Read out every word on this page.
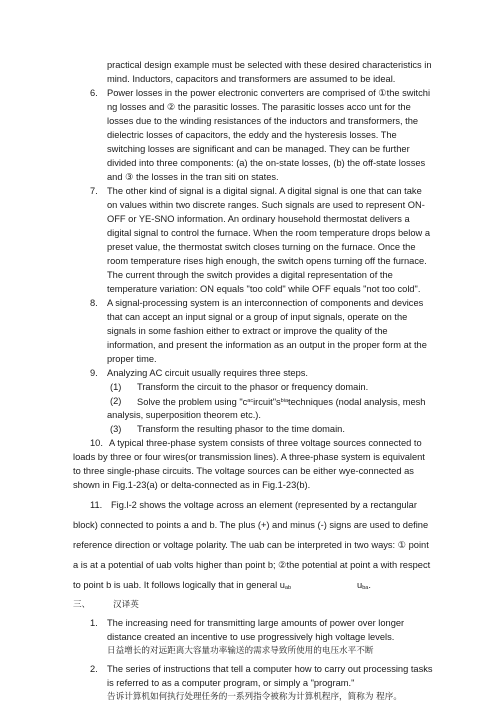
practical design example must be selected with these desired characteristics in
mind. Inductors, capacitors and transformers are assumed to be ideal.
6. Power losses in the power electronic converters are comprised of ①the switchi
ng losses and ② the parasitic losses. The parasitic losses acco unt for the
losses due to the winding resistances of the inductors and transformers, the
dielectric losses of capacitors, the eddy and the hysteresis losses. The
switching losses are significant and can be managed. They can be further
divided into three components: (a) the on-state losses, (b) the off-state losses
and ③ the losses in the tran siti on states.
7. The other kind of signal is a digital signal. A digital signal is one that can take
on values within two discrete ranges. Such signals are used to represent ON-
OFF or YE-SNO information. An ordinary household thermostat delivers a
digital signal to control the furnace. When the room temperature drops below a
preset value, the thermostat switch closes turning on the furnace. Once the
room temperature rises high enough, the switch opens turning off the furnace.
The current through the switch provides a digital representation of the
temperature variation: ON equals "too cold" while OFF equals "not too cold".
8. A signal-processing system is an interconnection of components and devices
that can accept an input signal or a group of input signals, operate on the
signals in some fashion either to extract or improve the quality of the
information, and present the information as an output in the proper form at the
proper time.
9. Analyzing AC circuit usually requires three steps.
(1) Transform the circuit to the phasor or frequency domain.
(2) Solve the problem using "$c^{ac}ircuit"s^{bia}techniques$ (nodal analysis, mesh
analysis, superposition theorem etc.).
(3) Transform the resulting phasor to the time domain.
10. A typical three-phase system consists of three voltage sources connected to
loads by three or four wires(or transmission lines). A three-phase system is equivalent
to three single-phase circuits. The voltage sources can be either wye-connected as
shown in Fig.1-23(a) or delta-connected as in Fig.1-23(b).
11. Fig.l-2 shows the voltage across an element (represented by a rectangular
block) connected to points a and b. The plus (+) and minus (-) signs are used to define
reference direction or voltage polarity. The uab can be interpreted in two ways: ① point
a is at a potential of uab volts higher than point b; ②the potential at point a with respect
to point b is uab. It follows logically that in general uab	uba.
三、	汉译英
1. The increasing need for transmitting large amounts of power over longer
distance created an incentive to use progressively high voltage levels.
日益增长的对远距离大容量功率输送的需求导致所使用的电压水平不断
2. The series of instructions that tell a computer how to carry out processing tasks
is referred to as a computer program, or simply a "program."
告诉计算机如何执行处理任务的一系列指令被称为计算机程序，简称为 程序。
